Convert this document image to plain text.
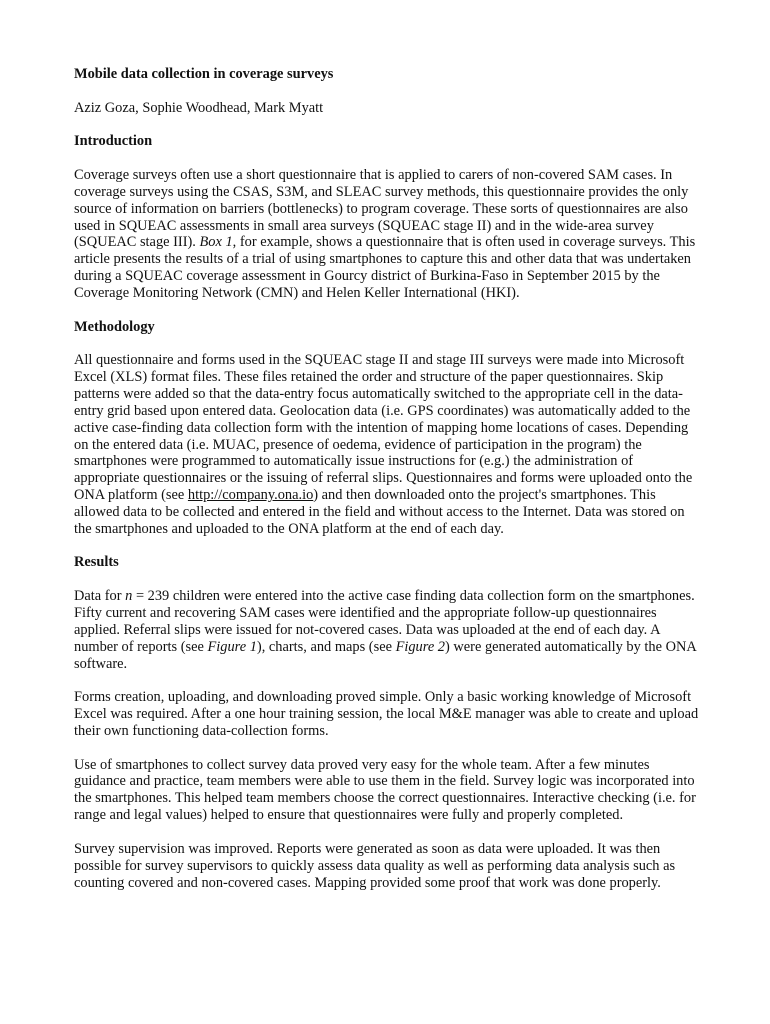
Mobile data collection in coverage surveys

Aziz Goza, Sophie Woodhead, Mark Myatt

Introduction

Coverage surveys often use a short questionnaire that is applied to carers of non-covered SAM cases. In coverage surveys using the CSAS, S3M, and SLEAC survey methods, this questionnaire provides the only source of information on barriers (bottlenecks) to program coverage. These sorts of questionnaires are also used in SQUEAC assessments in small area surveys (SQUEAC stage II) and in the wide-area survey (SQUEAC stage III). Box 1, for example, shows a questionnaire that is often used in coverage surveys. This article presents the results of a trial of using smartphones to capture this and other data that was undertaken during a SQUEAC coverage assessment in Gourcy district of Burkina-Faso in September 2015 by the Coverage Monitoring Network (CMN) and Helen Keller International (HKI).

Methodology

All questionnaire and forms used in the SQUEAC stage II and stage III surveys were made into Microsoft Excel (XLS) format files. These files retained the order and structure of the paper questionnaires. Skip patterns were added so that the data-entry focus automatically switched to the appropriate cell in the data-entry grid based upon entered data. Geolocation data (i.e. GPS coordinates) was automatically added to the active case-finding data collection form with the intention of mapping home locations of cases. Depending on the entered data (i.e. MUAC, presence of oedema, evidence of participation in the program) the smartphones were programmed to automatically issue instructions for (e.g.) the administration of appropriate questionnaires or the issuing of referral slips. Questionnaires and forms were uploaded onto the ONA platform (see http://company.ona.io) and then downloaded onto the project's smartphones. This allowed data to be collected and entered in the field and without access to the Internet. Data was stored on the smartphones and uploaded to the ONA platform at the end of each day.

Results

Data for n = 239 children were entered into the active case finding data collection form on the smartphones. Fifty current and recovering SAM cases were identified and the appropriate follow-up questionnaires applied. Referral slips were issued for not-covered cases. Data was uploaded at the end of each day. A number of reports (see Figure 1), charts, and maps (see Figure 2) were generated automatically by the ONA software.

Forms creation, uploading, and downloading proved simple. Only a basic working knowledge of Microsoft Excel was required. After a one hour training session, the local M&E manager was able to create and upload their own functioning data-collection forms.

Use of smartphones to collect survey data proved very easy for the whole team. After a few minutes guidance and practice, team members were able to use them in the field. Survey logic was incorporated into the smartphones. This helped team members choose the correct questionnaires. Interactive checking (i.e. for range and legal values) helped to ensure that questionnaires were fully and properly completed.

Survey supervision was improved. Reports were generated as soon as data were uploaded. It was then possible for survey supervisors to quickly assess data quality as well as performing data analysis such as counting covered and non-covered cases. Mapping provided some proof that work was done properly.
